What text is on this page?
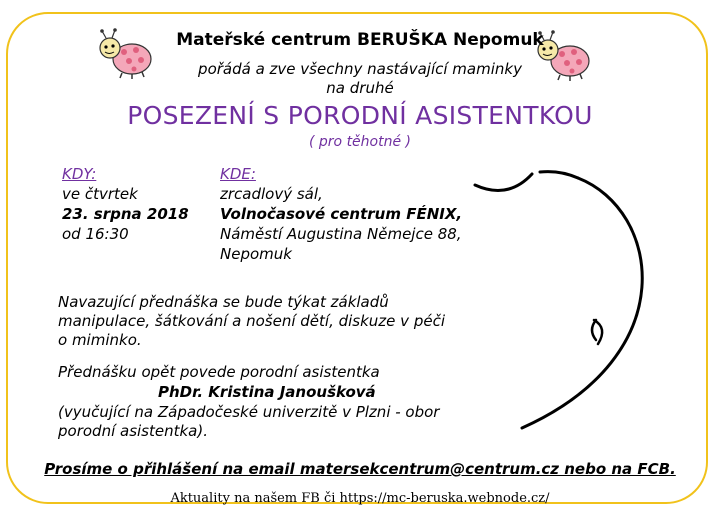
Mateřské centrum BERUŠKA Nepomuk
pořádá a zve všechny nastávající maminky
na druhé
POSEZENÍ S PORODNÍ ASISTENTKOU
( pro těhotné )
KDY:
ve čtvrtek
23. srpna 2018
od 16:30
KDE:
zrcadlový sál,
Volnočasové centrum FÉNIX,
Náměstí Augustina Němejce 88,
Nepomuk
Navazující přednáška se bude týkat základů
manipulace, šátkování a nošení dětí, diskuze v péči
o miminko.
Přednášku opět povede porodní asistentka
PhDr. Kristina Janoušková
(vyučující na Západočeské univerzitě v Plzni - obor
porodní asistentka).
Prosíme o přihlášení na email matersekcentrum@centrum.cz nebo na FCB.
Aktuality na našem FB či https://mc-beruska.webnode.cz/
